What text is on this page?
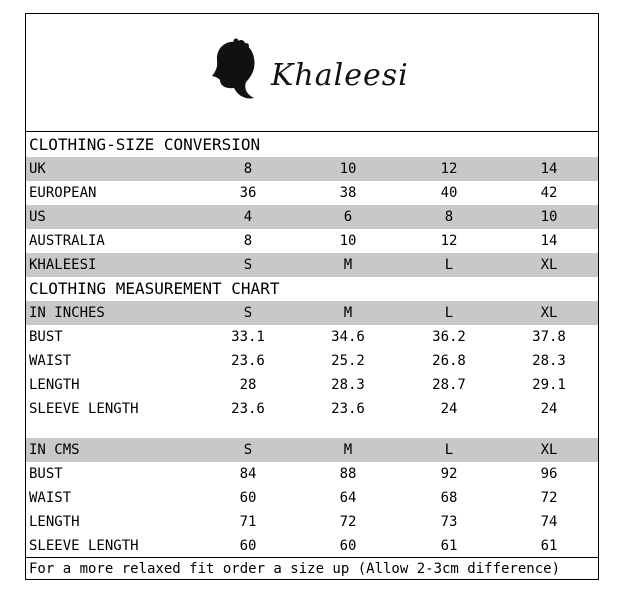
Khaleesi
CLOTHING-SIZE CONVERSION
UK	8	10	12	14
EUROPEAN	36	38	40	42
US	4	6	8	10
AUSTRALIA	8	10	12	14
KHALEESI	S	M	L	XL
CLOTHING MEASUREMENT CHART
IN INCHES	S	M	L	XL
BUST	33.1	34.6	36.2	37.8
WAIST	23.6	25.2	26.8	28.3
LENGTH	28	28.3	28.7	29.1
SLEEVE LENGTH	23.6	23.6	24	24
IN CMS	S	M	L	XL
BUST	84	88	92	96
WAIST	60	64	68	72
LENGTH	71	72	73	74
SLEEVE LENGTH	60	60	61	61
For a more relaxed fit order a size up (Allow 2-3cm difference)
